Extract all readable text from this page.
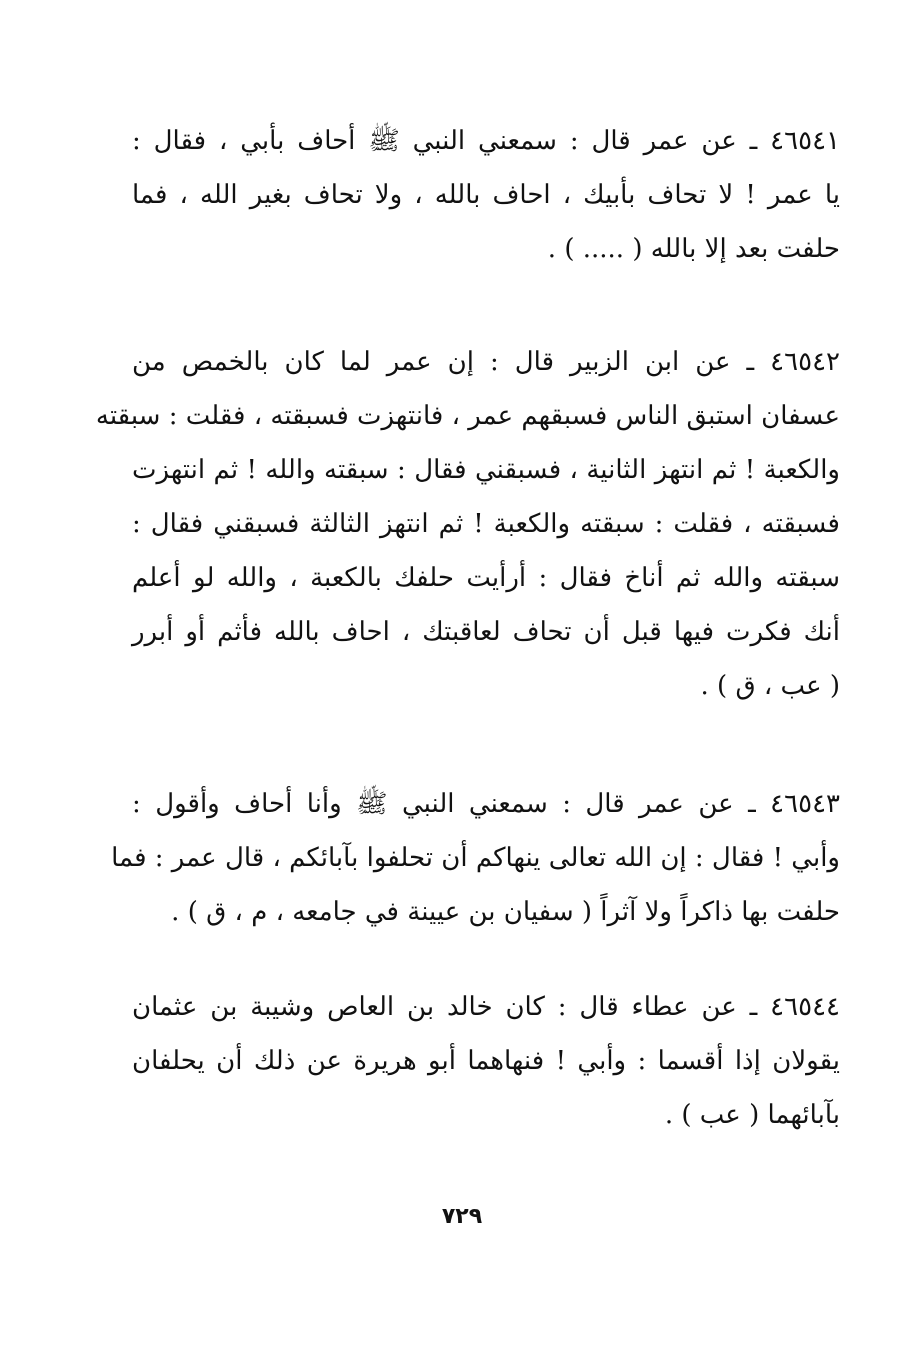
٤٦٥٤١ ـ عن عمر قال : سمعني النبي ﷺ أحاف بأبي ، فقال :
يا عمر ! لا تحاف بأبيك ، احاف بالله ، ولا تحاف بغير الله ، فما
حلفت بعد إلا بالله ( ..... ) .
٤٦٥٤٢ ـ عن ابن الزبير قال : إن عمر لما كان بالخمص من
عسفان استبق الناس فسبقهم عمر ، فانتهزت فسبقته ، فقلت : سبقته
والكعبة ! ثم انتهز الثانية ، فسبقني فقال : سبقته والله ! ثم انتهزت
فسبقته ، فقلت : سبقته والكعبة ! ثم انتهز الثالثة فسبقني فقال :
سبقته والله ثم أناخ فقال : أرأيت حلفك بالكعبة ، والله لو أعلم
أنك فكرت فيها قبل أن تحاف لعاقبتك ، احاف بالله فأثم أو أبرر
( عب ، ق ) .
٤٦٥٤٣ ـ عن عمر قال : سمعني النبي ﷺ وأنا أحاف وأقول :
وأبي ! فقال : إن الله تعالى ينهاكم أن تحلفوا بآبائكم ، قال عمر : فما
حلفت بها ذاكراً ولا آثراً ( سفيان بن عيينة في جامعه ، م ، ق ) .
٤٦٥٤٤ ـ عن عطاء قال : كان خالد بن العاص وشيبة بن عثمان
يقولان إذا أقسما : وأبي ! فنهاهما أبو هريرة عن ذلك أن يحلفان
بآبائهما ( عب ) .
٧٢٩
